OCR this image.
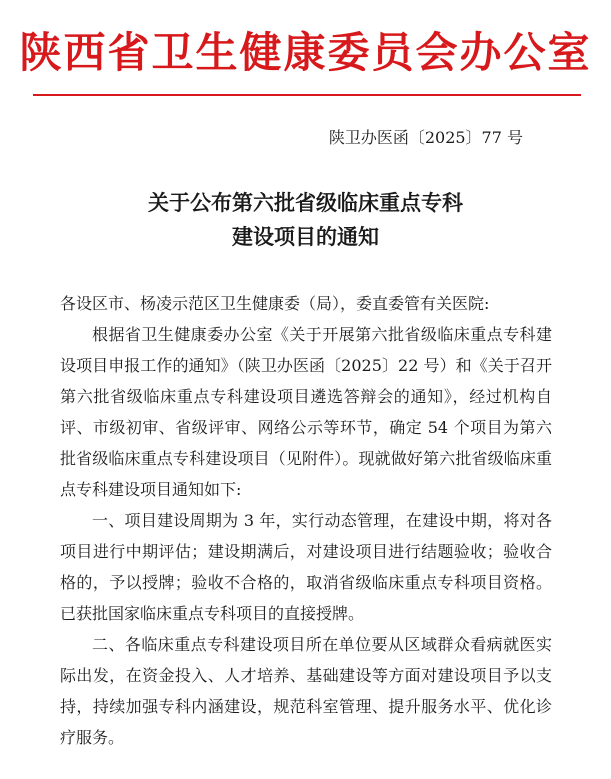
陕西省卫生健康委员会办公室
陕卫办医函〔2025〕77 号
关于公布第六批省级临床重点专科
建设项目的通知

各设区市、杨凌示范区卫生健康委（局），委直委管有关医院:

根据省卫生健康委办公室《关于开展第六批省级临床重点专科建设项目申报工作的通知》（陕卫办医函〔2025〕22 号）和《关于召开第六批省级临床重点专科建设项目遴选答辩会的通知》，经过机构自评、市级初审、省级评审、网络公示等环节，确定 54 个项目为第六批省级临床重点专科建设项目（见附件）。现就做好第六批省级临床重点专科建设项目通知如下:

一、项目建设周期为 3 年，实行动态管理，在建设中期，将对各项目进行中期评估；建设期满后，对建设项目进行结题验收；验收合格的，予以授牌；验收不合格的，取消省级临床重点专科项目资格。已获批国家临床重点专科项目的直接授牌。

二、各临床重点专科建设项目所在单位要从区域群众看病就医实际出发，在资金投入、人才培养、基础建设等方面对建设项目予以支持，持续加强专科内涵建设，规范科室管理、提升服务水平、优化诊疗服务。
